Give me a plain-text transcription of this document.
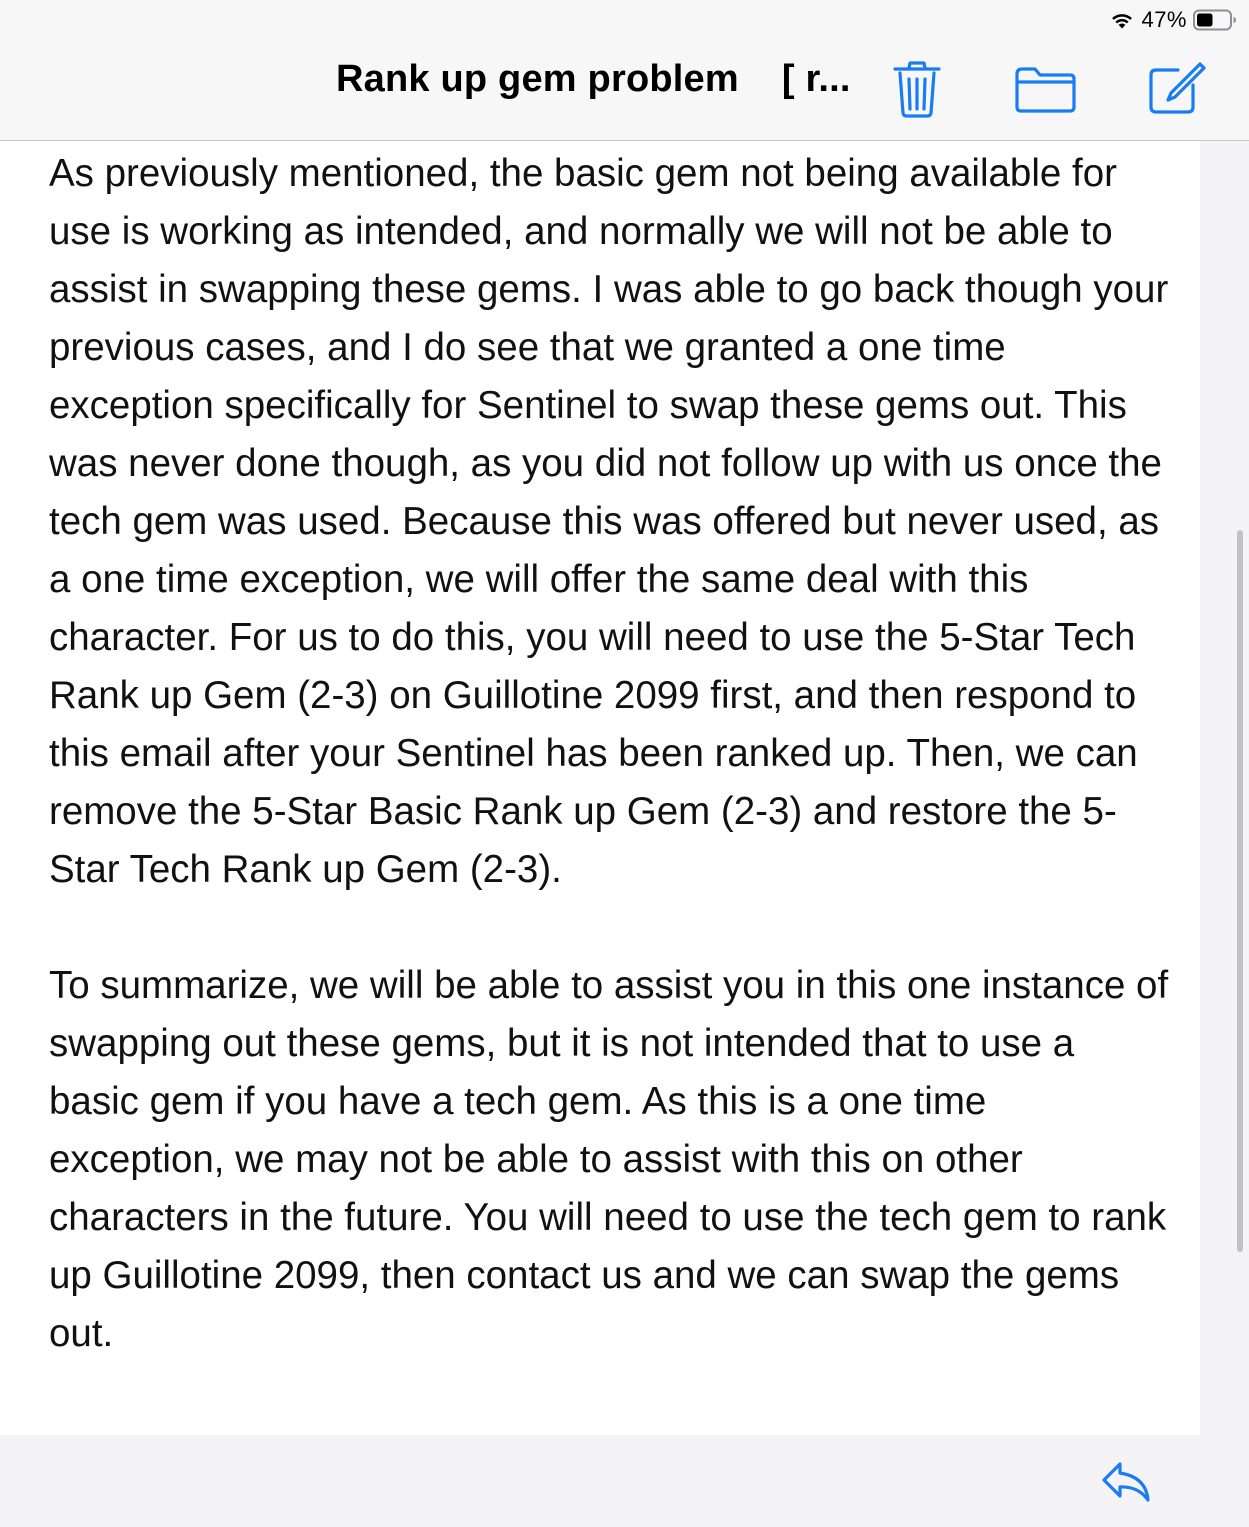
47%
Rank up gem problem    [ r...

As previously mentioned, the basic gem not being available for use is working as intended, and normally we will not be able to assist in swapping these gems. I was able to go back though your previous cases, and I do see that we granted a one time exception specifically for Sentinel to swap these gems out. This was never done though, as you did not follow up with us once the tech gem was used. Because this was offered but never used, as a one time exception, we will offer the same deal with this character. For us to do this, you will need to use the 5-Star Tech Rank up Gem (2-3) on Guillotine 2099 first, and then respond to this email after your Sentinel has been ranked up. Then, we can remove the 5-Star Basic Rank up Gem (2-3) and restore the 5-Star Tech Rank up Gem (2-3).

To summarize, we will be able to assist you in this one instance of swapping out these gems, but it is not intended that to use a basic gem if you have a tech gem. As this is a one time exception, we may not be able to assist with this on other characters in the future. You will need to use the tech gem to rank up Guillotine 2099, then contact us and we can swap the gems out.
